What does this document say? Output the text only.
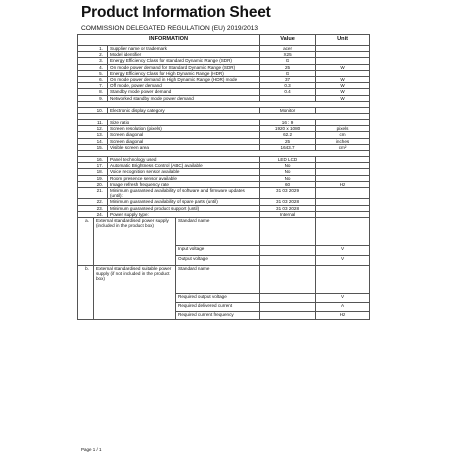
Product Information Sheet
COMMISSION DELEGATED REGULATION (EU) 2019/2013
INFORMATION				Value	Unit
1.		Supplier name or trademark		acer	
2.		Model identifier		X25	
3.		Energy Efficiency Class for standard Dynamic Range (SDR)		G	
4.		On mode power demand for Standard Dynamic Range (SDR)		25	W
5.		Energy Efficiency Class for High Dynamic Range (HDR)		G	
6.		On mode power demand in High Dynamic Range (HDR) mode		37	W
7.		Off mode, power demand		0.3	W
8.		Standby mode power demand		0.4	W
9.		Networked standby mode power demand			W

10.		Electronic display category		Monitor	

11.		Size ratio		16 : 9	
12.		Screen resolution (pixels)		1920 x 1080	pixels
13.		Screen diagonal		62.2	cm
14.		Screen diagonal		25	inches
15.		Visible screen area		1643.7	cm²

16.		Panel technology used		LED LCD	
17.		Automatic Brightness Control (ABC) available		No	
18.		Voice recognition sensor available		No	
19.		Room presence sensor available		No	
20.		Image refresh frequency rate		60	Hz
21.		Minimum guaranteed availability of software and firmware updates (until):		31 03 2029	
22.		Minimum guaranteed availability of spare parts (until)		31 03 2028	
23.		Minimum guaranteed product support (until)		31 03 2028	
24.		Power supply type:		Internal	
a.	External standardised power supply (included in the product box)		Standard name		
			Input voltage		V
			Output voltage		V
b.	External standardised suitable power supply (if not included in the product box)		Standard name		
			Required output voltage		V
			Required delivered current		A
			Required current frequency		Hz
Page 1 / 1
